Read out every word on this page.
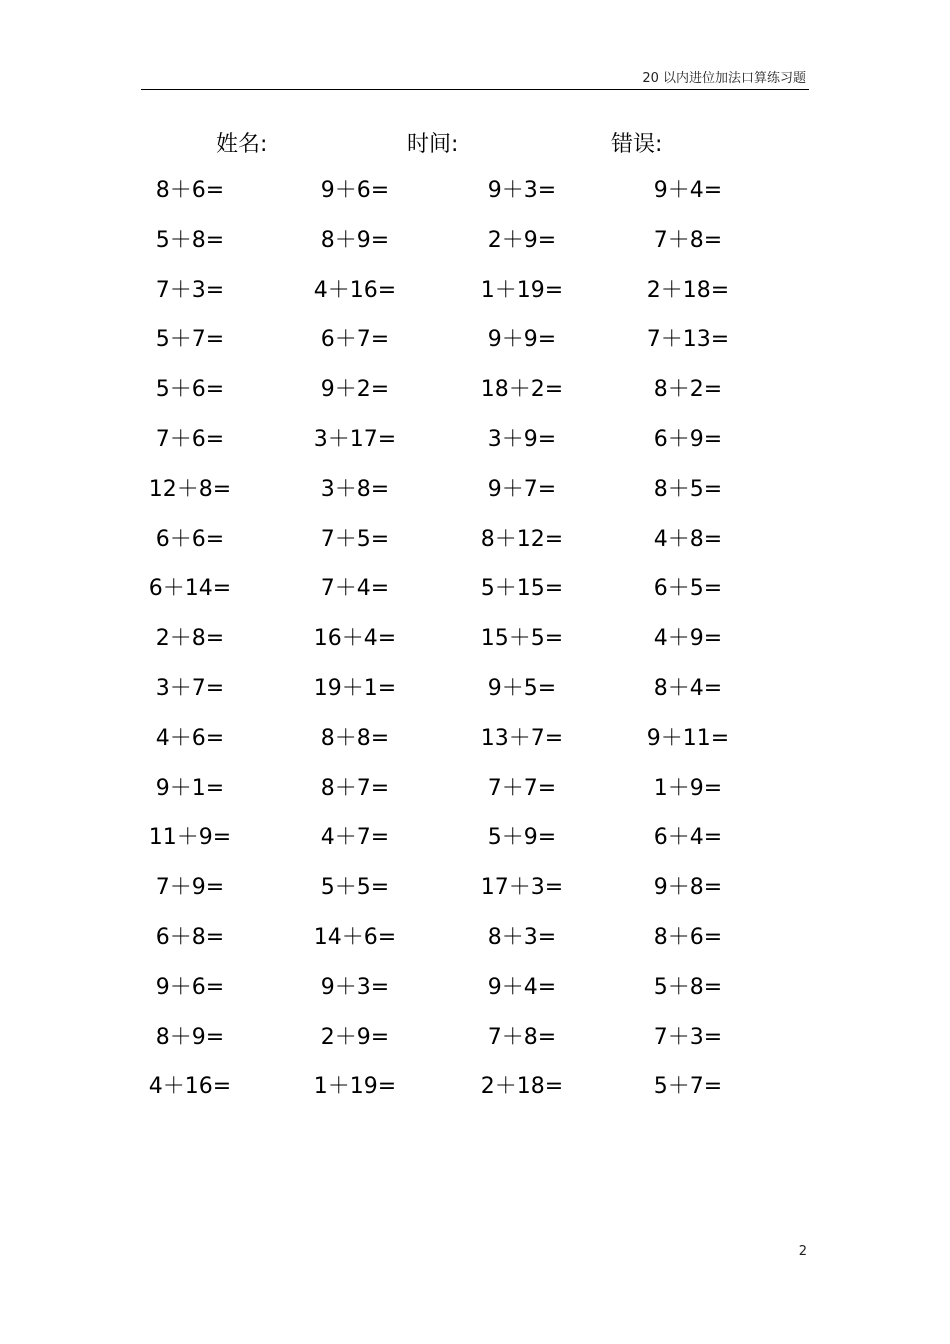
20 以内进位加法口算练习题
姓名:	时间:	错误:
8＋6=	9＋6=	9＋3=	9＋4=
5＋8=	8＋9=	2＋9=	7＋8=
7＋3=	4＋16=	1＋19=	2＋18=
5＋7=	6＋7=	9＋9=	7＋13=
5＋6=	9＋2=	18＋2=	8＋2=
7＋6=	3＋17=	3＋9=	6＋9=
12＋8=	3＋8=	9＋7=	8＋5=
6＋6=	7＋5=	8＋12=	4＋8=
6＋14=	7＋4=	5＋15=	6＋5=
2＋8=	16＋4=	15＋5=	4＋9=
3＋7=	19＋1=	9＋5=	8＋4=
4＋6=	8＋8=	13＋7=	9＋11=
9＋1=	8＋7=	7＋7=	1＋9=
11＋9=	4＋7=	5＋9=	6＋4=
7＋9=	5＋5=	17＋3=	9＋8=
6＋8=	14＋6=	8＋3=	8＋6=
9＋6=	9＋3=	9＋4=	5＋8=
8＋9=	2＋9=	7＋8=	7＋3=
4＋16=	1＋19=	2＋18=	5＋7=
2
